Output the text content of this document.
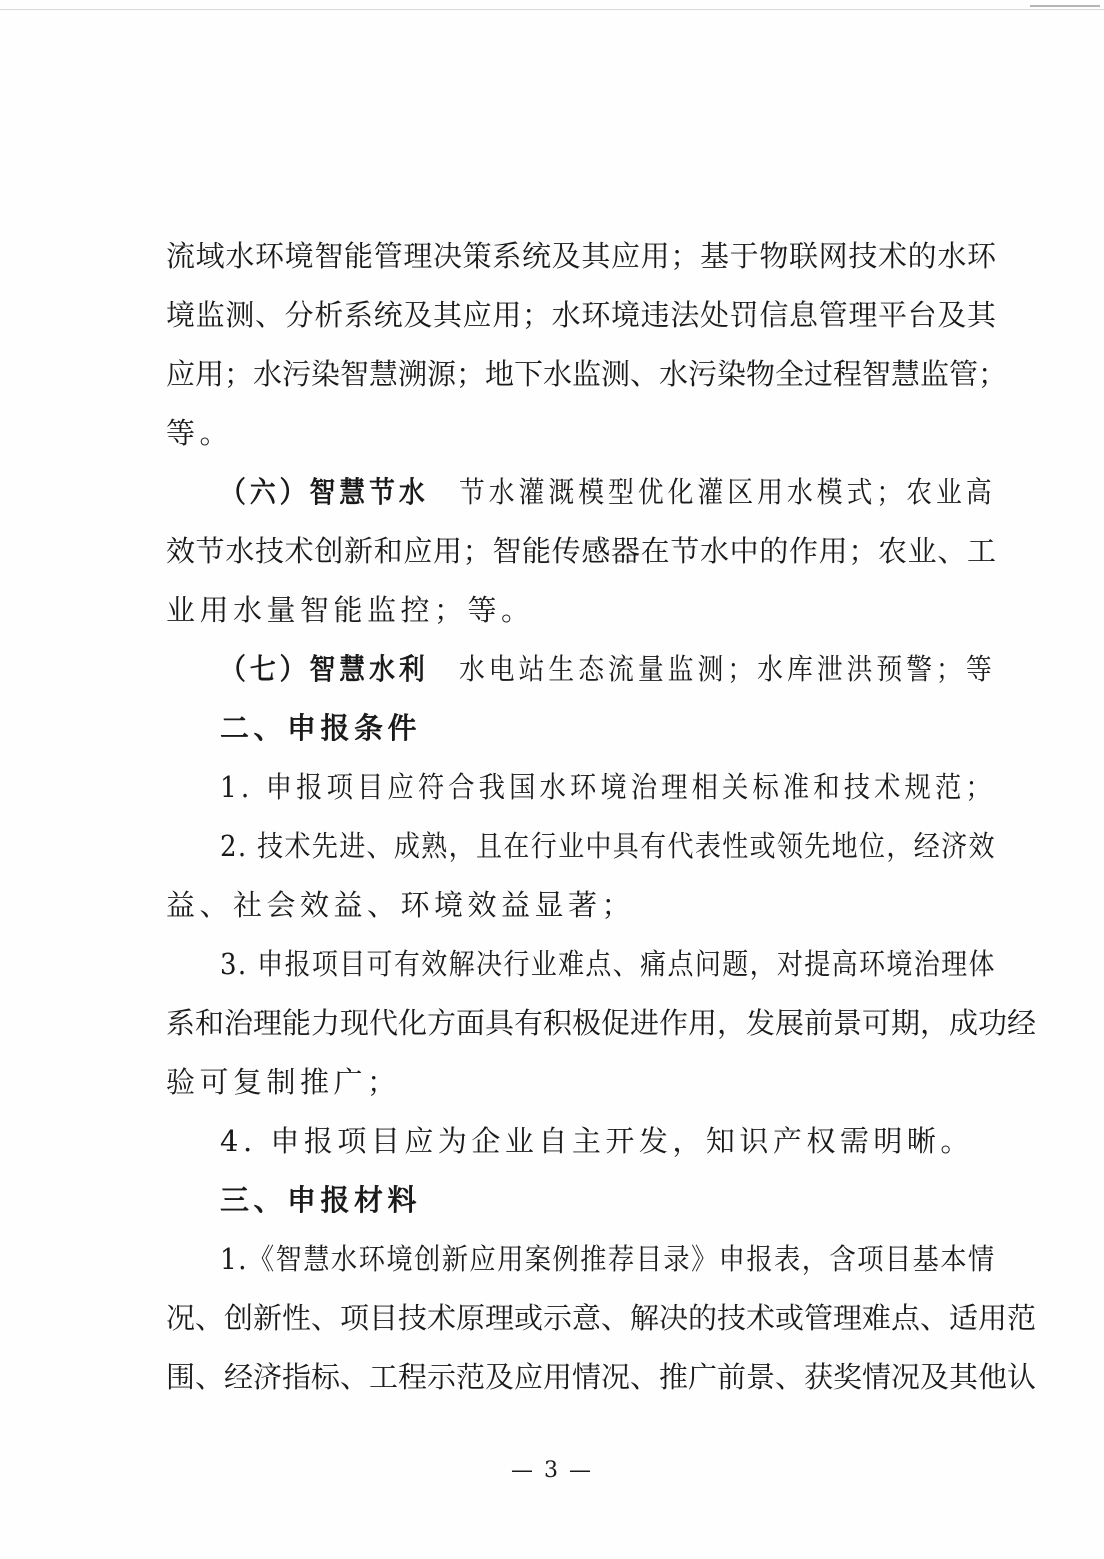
流域水环境智能管理决策系统及其应用；基于物联网技术的水环
境监测、分析系统及其应用；水环境违法处罚信息管理平台及其
应用；水污染智慧溯源；地下水监测、水污染物全过程智慧监管；
等。
（六）智慧节水 节水灌溉模型优化灌区用水模式；农业高
效节水技术创新和应用；智能传感器在节水中的作用；农业、工
业用水量智能监控；等。
（七）智慧水利 水电站生态流量监测；水库泄洪预警；等
二、申报条件
1. 申报项目应符合我国水环境治理相关标准和技术规范；
2. 技术先进、成熟，且在行业中具有代表性或领先地位，经济效
益、社会效益、环境效益显著；
3. 申报项目可有效解决行业难点、痛点问题，对提高环境治理体
系和治理能力现代化方面具有积极促进作用，发展前景可期，成功经
验可复制推广；
4. 申报项目应为企业自主开发，知识产权需明晰。
三、申报材料
1.《智慧水环境创新应用案例推荐目录》申报表，含项目基本情
况、创新性、项目技术原理或示意、解决的技术或管理难点、适用范
围、经济指标、工程示范及应用情况、推广前景、获奖情况及其他认
— 3 —
